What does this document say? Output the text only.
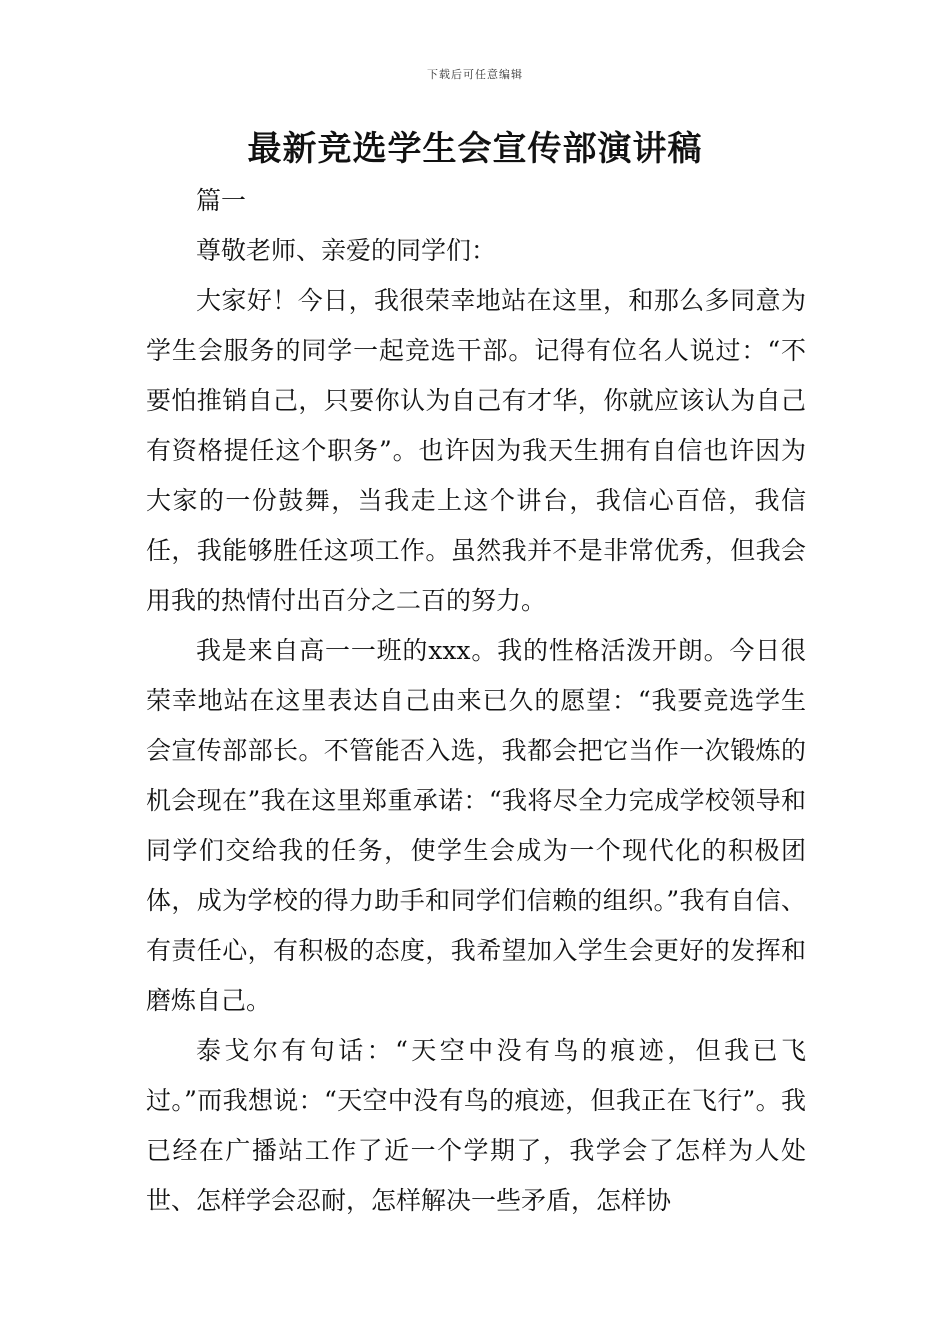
下载后可任意编辑
最新竞选学生会宣传部演讲稿

篇一

尊敬老师、亲爱的同学们：

大家好！今日，我很荣幸地站在这里，和那么多同意为学生会服务的同学一起竞选干部。记得有位名人说过：“不要怕推销自己，只要你认为自己有才华，你就应该认为自己有资格提任这个职务”。也许因为我天生拥有自信也许因为大家的一份鼓舞，当我走上这个讲台，我信心百倍，我信任，我能够胜任这项工作。虽然我并不是非常优秀，但我会用我的热情付出百分之二百的努力。

我是来自高一一班的xxx。我的性格活泼开朗。今日很荣幸地站在这里表达自己由来已久的愿望：“我要竞选学生会宣传部部长。不管能否入选，我都会把它当作一次锻炼的机会现在”我在这里郑重承诺：“我将尽全力完成学校领导和同学们交给我的任务，使学生会成为一个现代化的积极团体，成为学校的得力助手和同学们信赖的组织。”我有自信、有责任心，有积极的态度，我希望加入学生会更好的发挥和磨炼自己。

泰戈尔有句话：“天空中没有鸟的痕迹，但我已飞过。”而我想说：“天空中没有鸟的痕迹，但我正在飞行”。我已经在广播站工作了近一个学期了，我学会了怎样为人处世、怎样学会忍耐，怎样解决一些矛盾，怎样协
